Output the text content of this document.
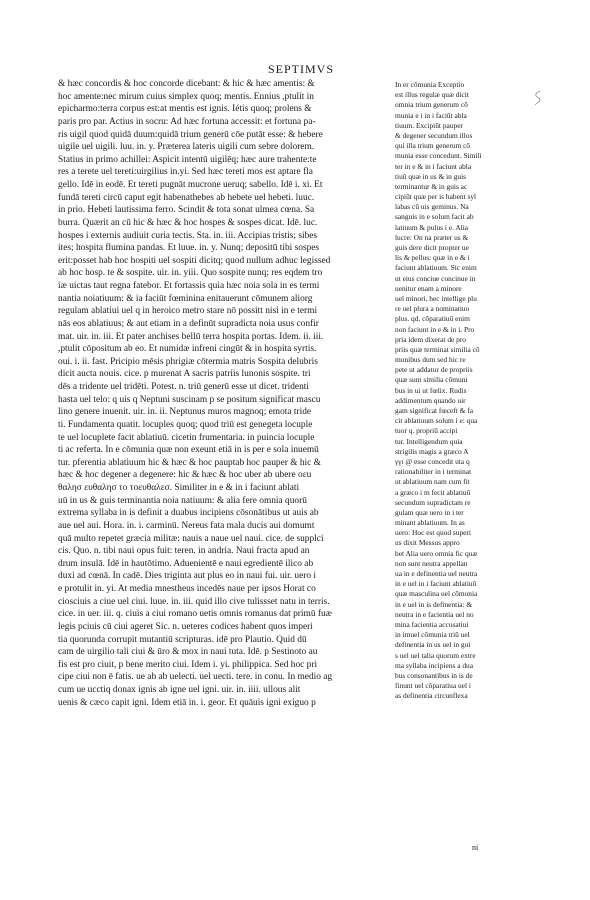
SEPTIMVS
& hæc concordis & hoc concorde dicebant: & hic & hæc amentis: &
hoc amente:nec mirum cuius simplex quoq; mentis. Ennius ,ptulit in
epicharmo:terra corpus est:at mentis est ignis. Iétis quoq; prolens &
paris pro par. Actius in socru: Ad hæc fortuna accessit: et fortuna pa-
ris uigil quod quidā duum:quidā trium generū cōe putāt esse: & hebere
uigile uel uigili. luu. in. y. Præterea lateris uigili cum sebre dolorem.
Statius in primo achillei: Aspicit intentū uigilēq; hæc aure trahente:te
res a terete uel tereti:uirgilius in.yi. Sed hæc tereti mos est aptare fla
gello. Idē in eodē. Et tereti pugnāt mucrone ueruq; sabello. Idē i. xi. Et
fundā tereti circū caput egit habenathebes ab hebete uel hebeti. luuc.
in prio. Hebeti lautissima ferro. Scindit & tota sonat ulmea cœna. Sa
burra. Quærit an cū hic & hæc & hoc hospes & sospes dicat. Idē. luc.
hospes i externis audiuit curia tectis. Sta. in. iii. Accipias tristis; sibes
ites; hospita flumina pandas. Et luue. in. y. Nunq; depositū tibi sospes
erit:posset hab hoc hospiti uel sospiti dicitq; quod nullum adhuc legissed
ab hoc hosp. te & sospite. uir. in. yiii. Quo sospite nunq; res eqdem tro
iæ uictas taut regna fatebor. Et fortassis quia hæc noia sola in es termi
nantia noiatiuum: & ia faciūt fœminina enitauerunt cōmunem aliorg
regulam ablatiui uel q in heroico metro stare nō possitt nisi in e termi
nās eos ablatiuus; & aut etiam in a definūt supradicta noia usus confir
mat. uir. in. iii. Et pater anchises bellū terra hospita portas. Idem. ii. iii.
,ptulit cōpositum ab eo. Et numidæ infreni cingūt & in hospita syrtis.
oui. i. ii. fast. Pricipio mēsis phrigiæ cōtermia matris Sospita delubris
dicit aucta nouis. cice. p murenat A sacris patriis lunonis sospite. tri
dēs a tridente uel tridēti. Potest. n. triū generū esse ut dicet. tridenti
hasta uel telo: q uis q Neptuni suscinam p se positum significat mascu
lino genere inuenit. uir. in. ii. Neptunus muros magnoq; emota tride
ti. Fundamenta quatit. locuples quoq; quod triū est genegeta locuple
te uel locuplete facit ablatiuū. cicetin frumentaria. in puincia locuple
ti ac referta. In e cōmunia quæ non exeunt etiā in is per e sola inuemū
tur. pferentia ablatiuum hic & hæc & hoc pauptab hoc pauper & hic &
hæc & hoc degener a degenere: hic & hæc & hoc uber ab ubere oεu
θαλησ ευθαλησ το τοευθαλεσ. Similiter in e & in i faciunt ablati
uū in us & guis terminantia noia natiuum: & alia fere omnia quorū
extrema syllaba in is definit a duabus incipiens cōsonātibus ut auis ab
aue uel aui. Hora. in. i. carminū. Nereus fata mala ducis aui domumt
quā multo repetet græcia militæ: nauis a naue uel naui. cice. de supplci
cis. Quo. n. tibi naui opus fuit: teren. in andria. Naui fracta apud an
drum insulā. Idē in hautōtimo. Aduenientē e naui egredientē ilico ab
duxi ad cœnā. In cadē. Dies triginta aut plus eo in naui fui. uir. uero i
e protulit in. yi. At media mnestheus incedēs naue per ipsos Horat co
ciosciuis a ciue uel ciui. luue. in. iii. quid illo cive tulissset natu in terris.
cice. in uer. iii. q. ciuis a ciui romano uetis omnis romanus dat primū fuæ
legis pciuis cū ciui ageret Sic. n. ueteres codices habent quos imperi
tia quorunda corrupit mutantiū scripturas. idē pro Plautio. Quid dū
cam de uirgilio tali ciui & ūro & mox in naui tuta. Idē. p Sestinoto au
fis est pro ciuit, p bene merito ciui. Idem i. yi. philippica. Sed hoc pri
cipe ciui non ē fatis. ue ab ab uelecti. uel uecti. tere. in conu. In medio ag
cum ue ucctiq donax ignis ab igne uel igni. uir. in. iiii. ullous alit
uenis & cæco capit igni. Idem etiā in. i. geor. Et quāuis igni exiguo p
In er cōmunia Exceptio
est illus regulæ quæ dicit
omnia trium generum cō
munia e i in i faciūt abla
tiuum. Excipiūt pauper
& degener secundum illos
qui illa trium generum cō
munia esse concedunt. Simili
ter in e & in i faciunt abla
tiuū quæ in us & in guis
terminantur & in guis ac
cipiūt quæ per is habent syl
labas cū uis geminus. Na
sanguis in e solum facit ab
latiuum & pulus i e. Alia
lucre: On na præter us &
guis dere dicit propter ue
lis & pellus: quæ in e & i
faciunt ablatiuum. Sic enim
ut eius conciue concinue in
uenitur enam a minore
uel minori. hec intellige plu
re uel plura a nominatiuo
plus. qd. cōparatiuū enim
non faciunt in e & in i. Pro
pria idem dixerat de pro
priis quæ terminat similia cō
munibus dum sed hic re
pete ut addatur de propriis
quæ sunt similia cōmuni
bus in ui ut fœlix. Rudis
addimentum quando uir
gam significat fœceft & fa
cit ablatiuum solum i e: qua
tuor q. propriū accipi
tur. Intelligendum quia
strigilis magis a græco A
γγι @ esse concedit uta q
rationabiliter in i terminat
ut ablatiuum nam cum fit
a græco i m fecit ablatiuū
secundum supradictam re
gulam quæ uero in i ter
minant ablatiuum. In as
uero: Hoc est quod superi
us dixit Messus appro
bet Alia uero omnia fic quæ
non sunt neutra appellan
ua in e definentia uel neutra
in e uel in i faciunt ablatiuū
quæ masculina uel cōmunia
in e uel in is definentia: &
neutra in e facientia uel no
mina facientia accusatiui
in imuel cōmunia triū uel
definentia in us uel in gui
s uel uel talia quorum extre
ma syllaba incipiens a dua
bus consonantibus in is de
finunt uel cōparatiua uel i
as definentia circunflexa
ni
